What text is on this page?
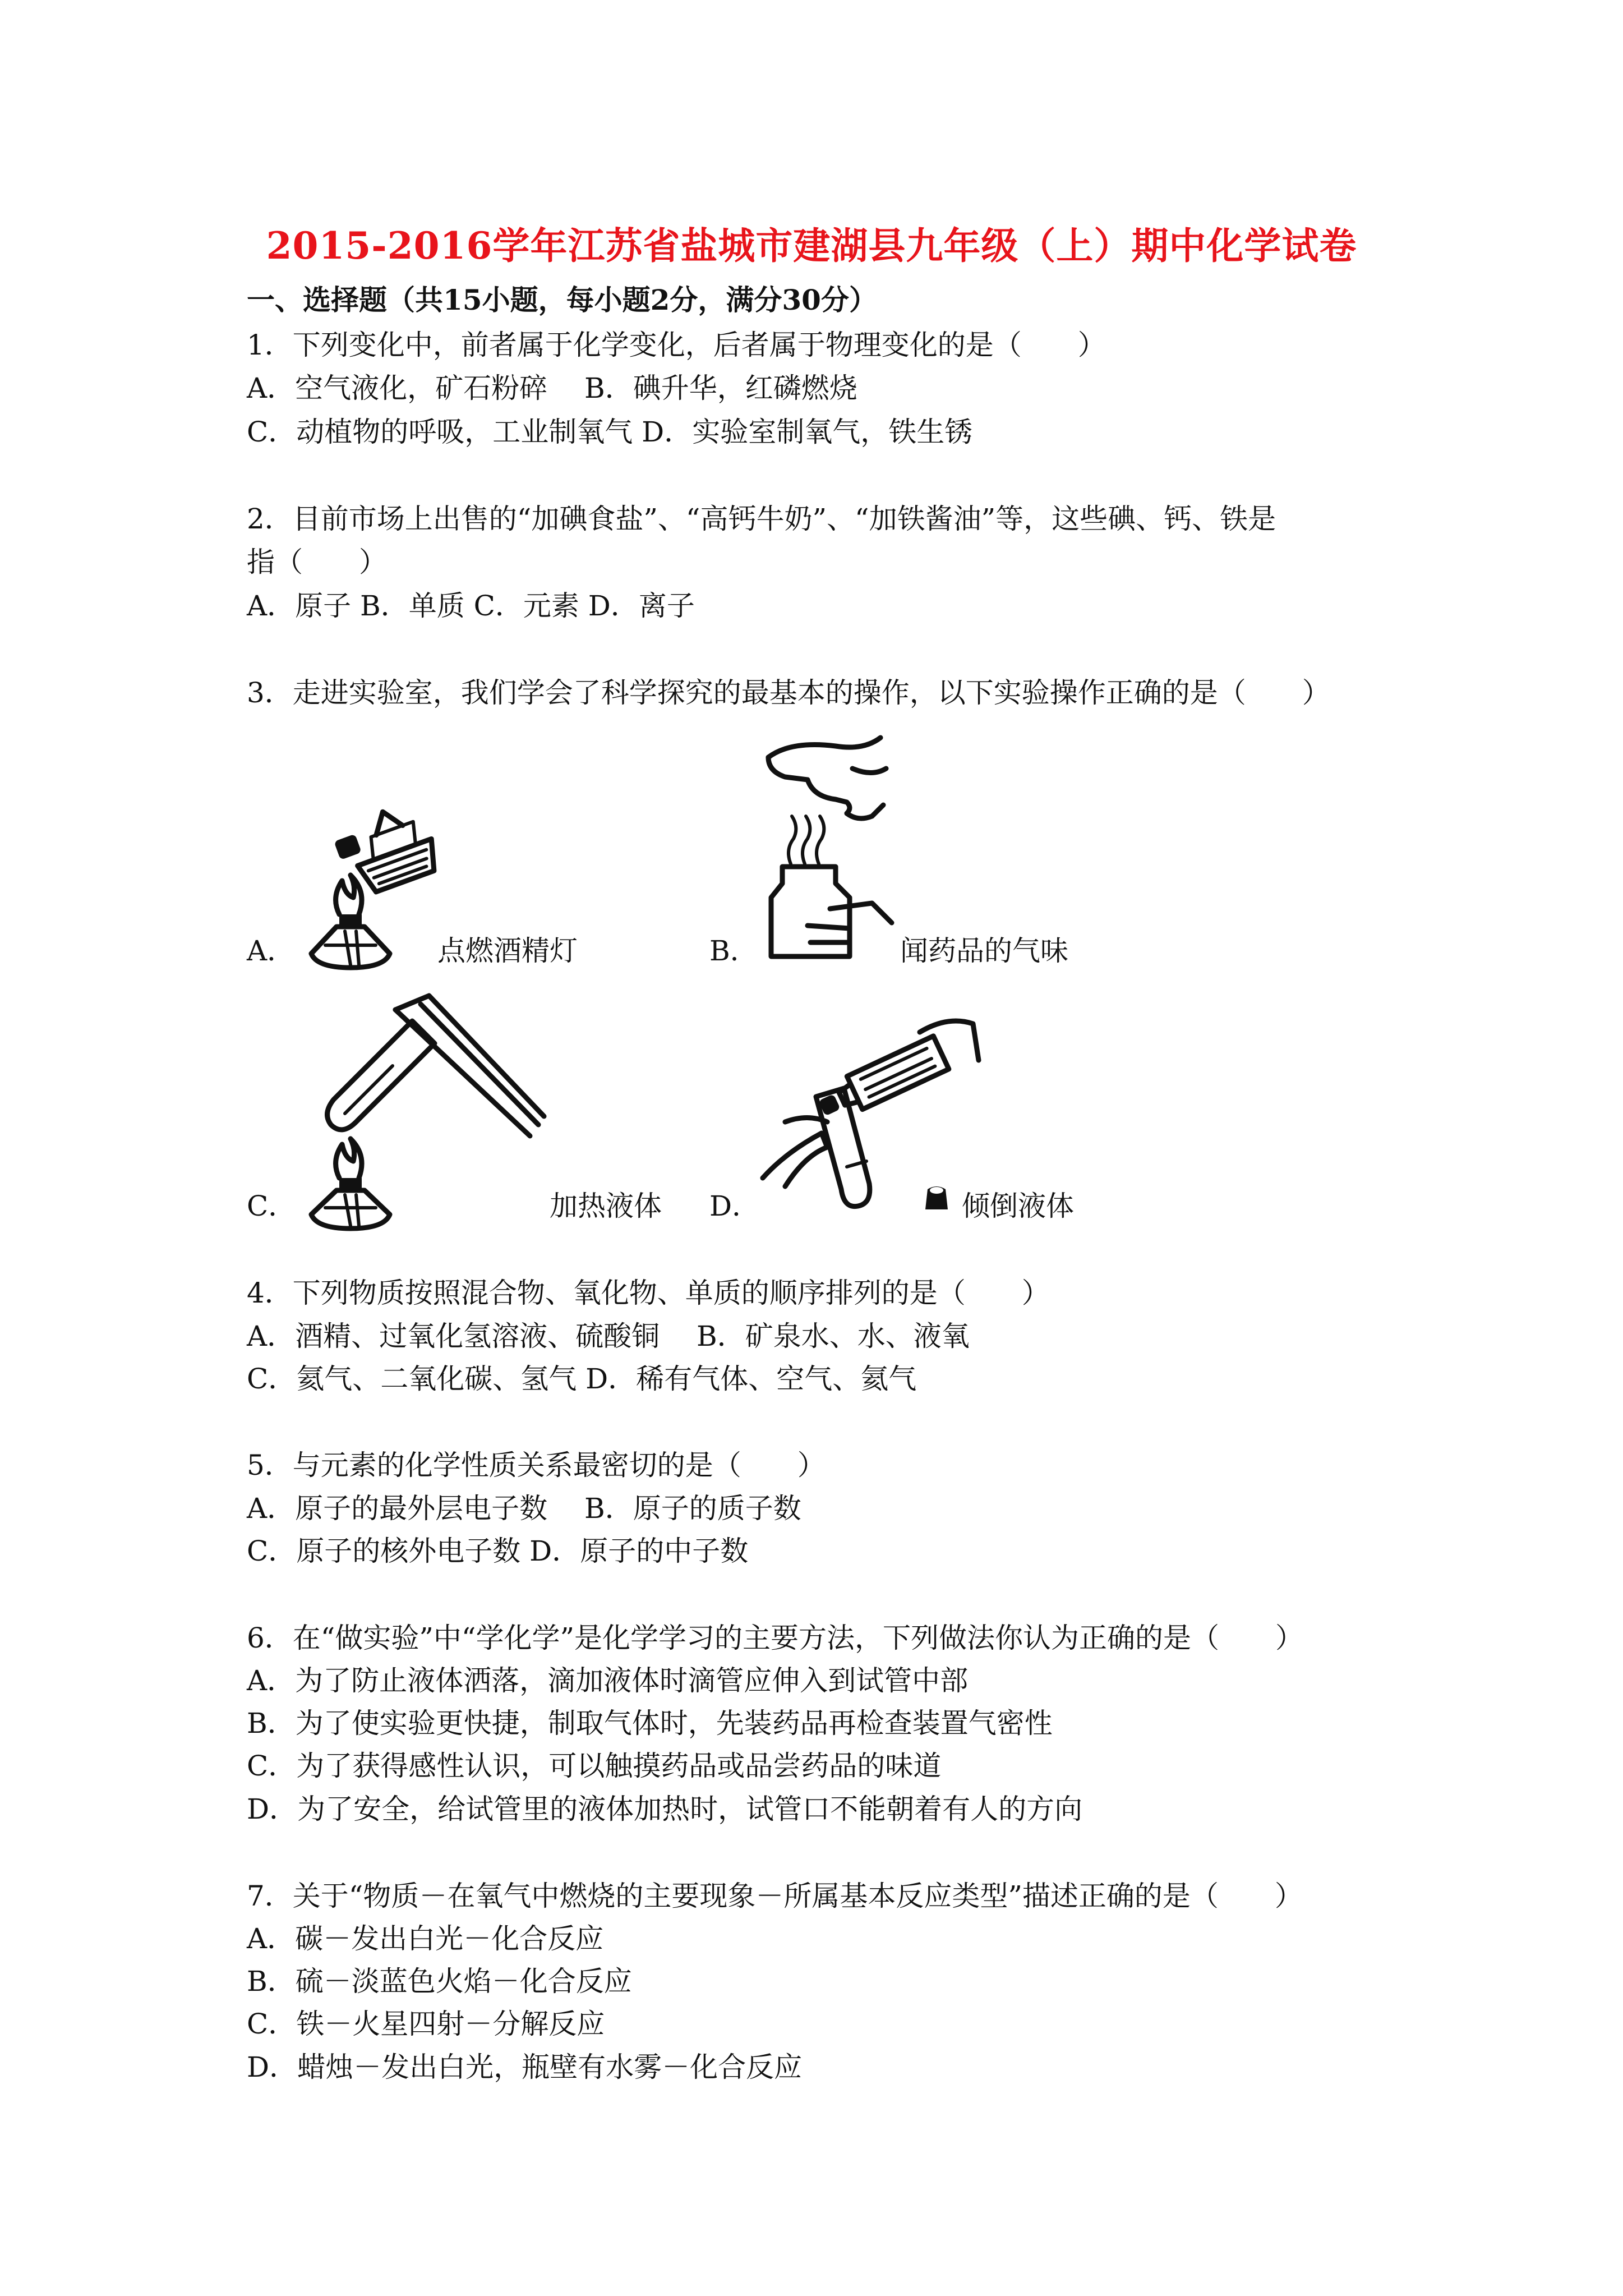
2015-2016学年江苏省盐城市建湖县九年级（上）期中化学试卷
一、选择题（共15小题，每小题2分，满分30分）
1．下列变化中，前者属于化学变化，后者属于物理变化的是（　　）
A．空气液化，矿石粉碎　 B．碘升华，红磷燃烧
C．动植物的呼吸，工业制氧气 D．实验室制氧气，铁生锈
2．目前市场上出售的“加碘食盐”、“高钙牛奶”、“加铁酱油”等，这些碘、钙、铁是
指（　　）
A．原子 B．单质 C．元素 D．离子
3．走进实验室，我们学会了科学探究的最基本的操作，以下实验操作正确的是（　　）
A．	点燃酒精灯	B．	闻药品的气味
C．	加热液体 D．	倾倒液体
4．下列物质按照混合物、氧化物、单质的顺序排列的是（　　）
A．酒精、过氧化氢溶液、硫酸铜　 B．矿泉水、水、液氧
C．氦气、二氧化碳、氢气 D．稀有气体、空气、氦气
5．与元素的化学性质关系最密切的是（　　）
A．原子的最外层电子数　 B．原子的质子数
C．原子的核外电子数 D．原子的中子数
6．在“做实验”中“学化学”是化学学习的主要方法，下列做法你认为正确的是（　　）
A．为了防止液体洒落，滴加液体时滴管应伸入到试管中部
B．为了使实验更快捷，制取气体时，先装药品再检查装置气密性
C．为了获得感性认识，可以触摸药品或品尝药品的味道
D．为了安全，给试管里的液体加热时，试管口不能朝着有人的方向
7．关于“物质－在氧气中燃烧的主要现象－所属基本反应类型”描述正确的是（　　）
A．碳－发出白光－化合反应
B．硫－淡蓝色火焰－化合反应
C．铁－火星四射－分解反应
D．蜡烛－发出白光，瓶壁有水雾－化合反应
